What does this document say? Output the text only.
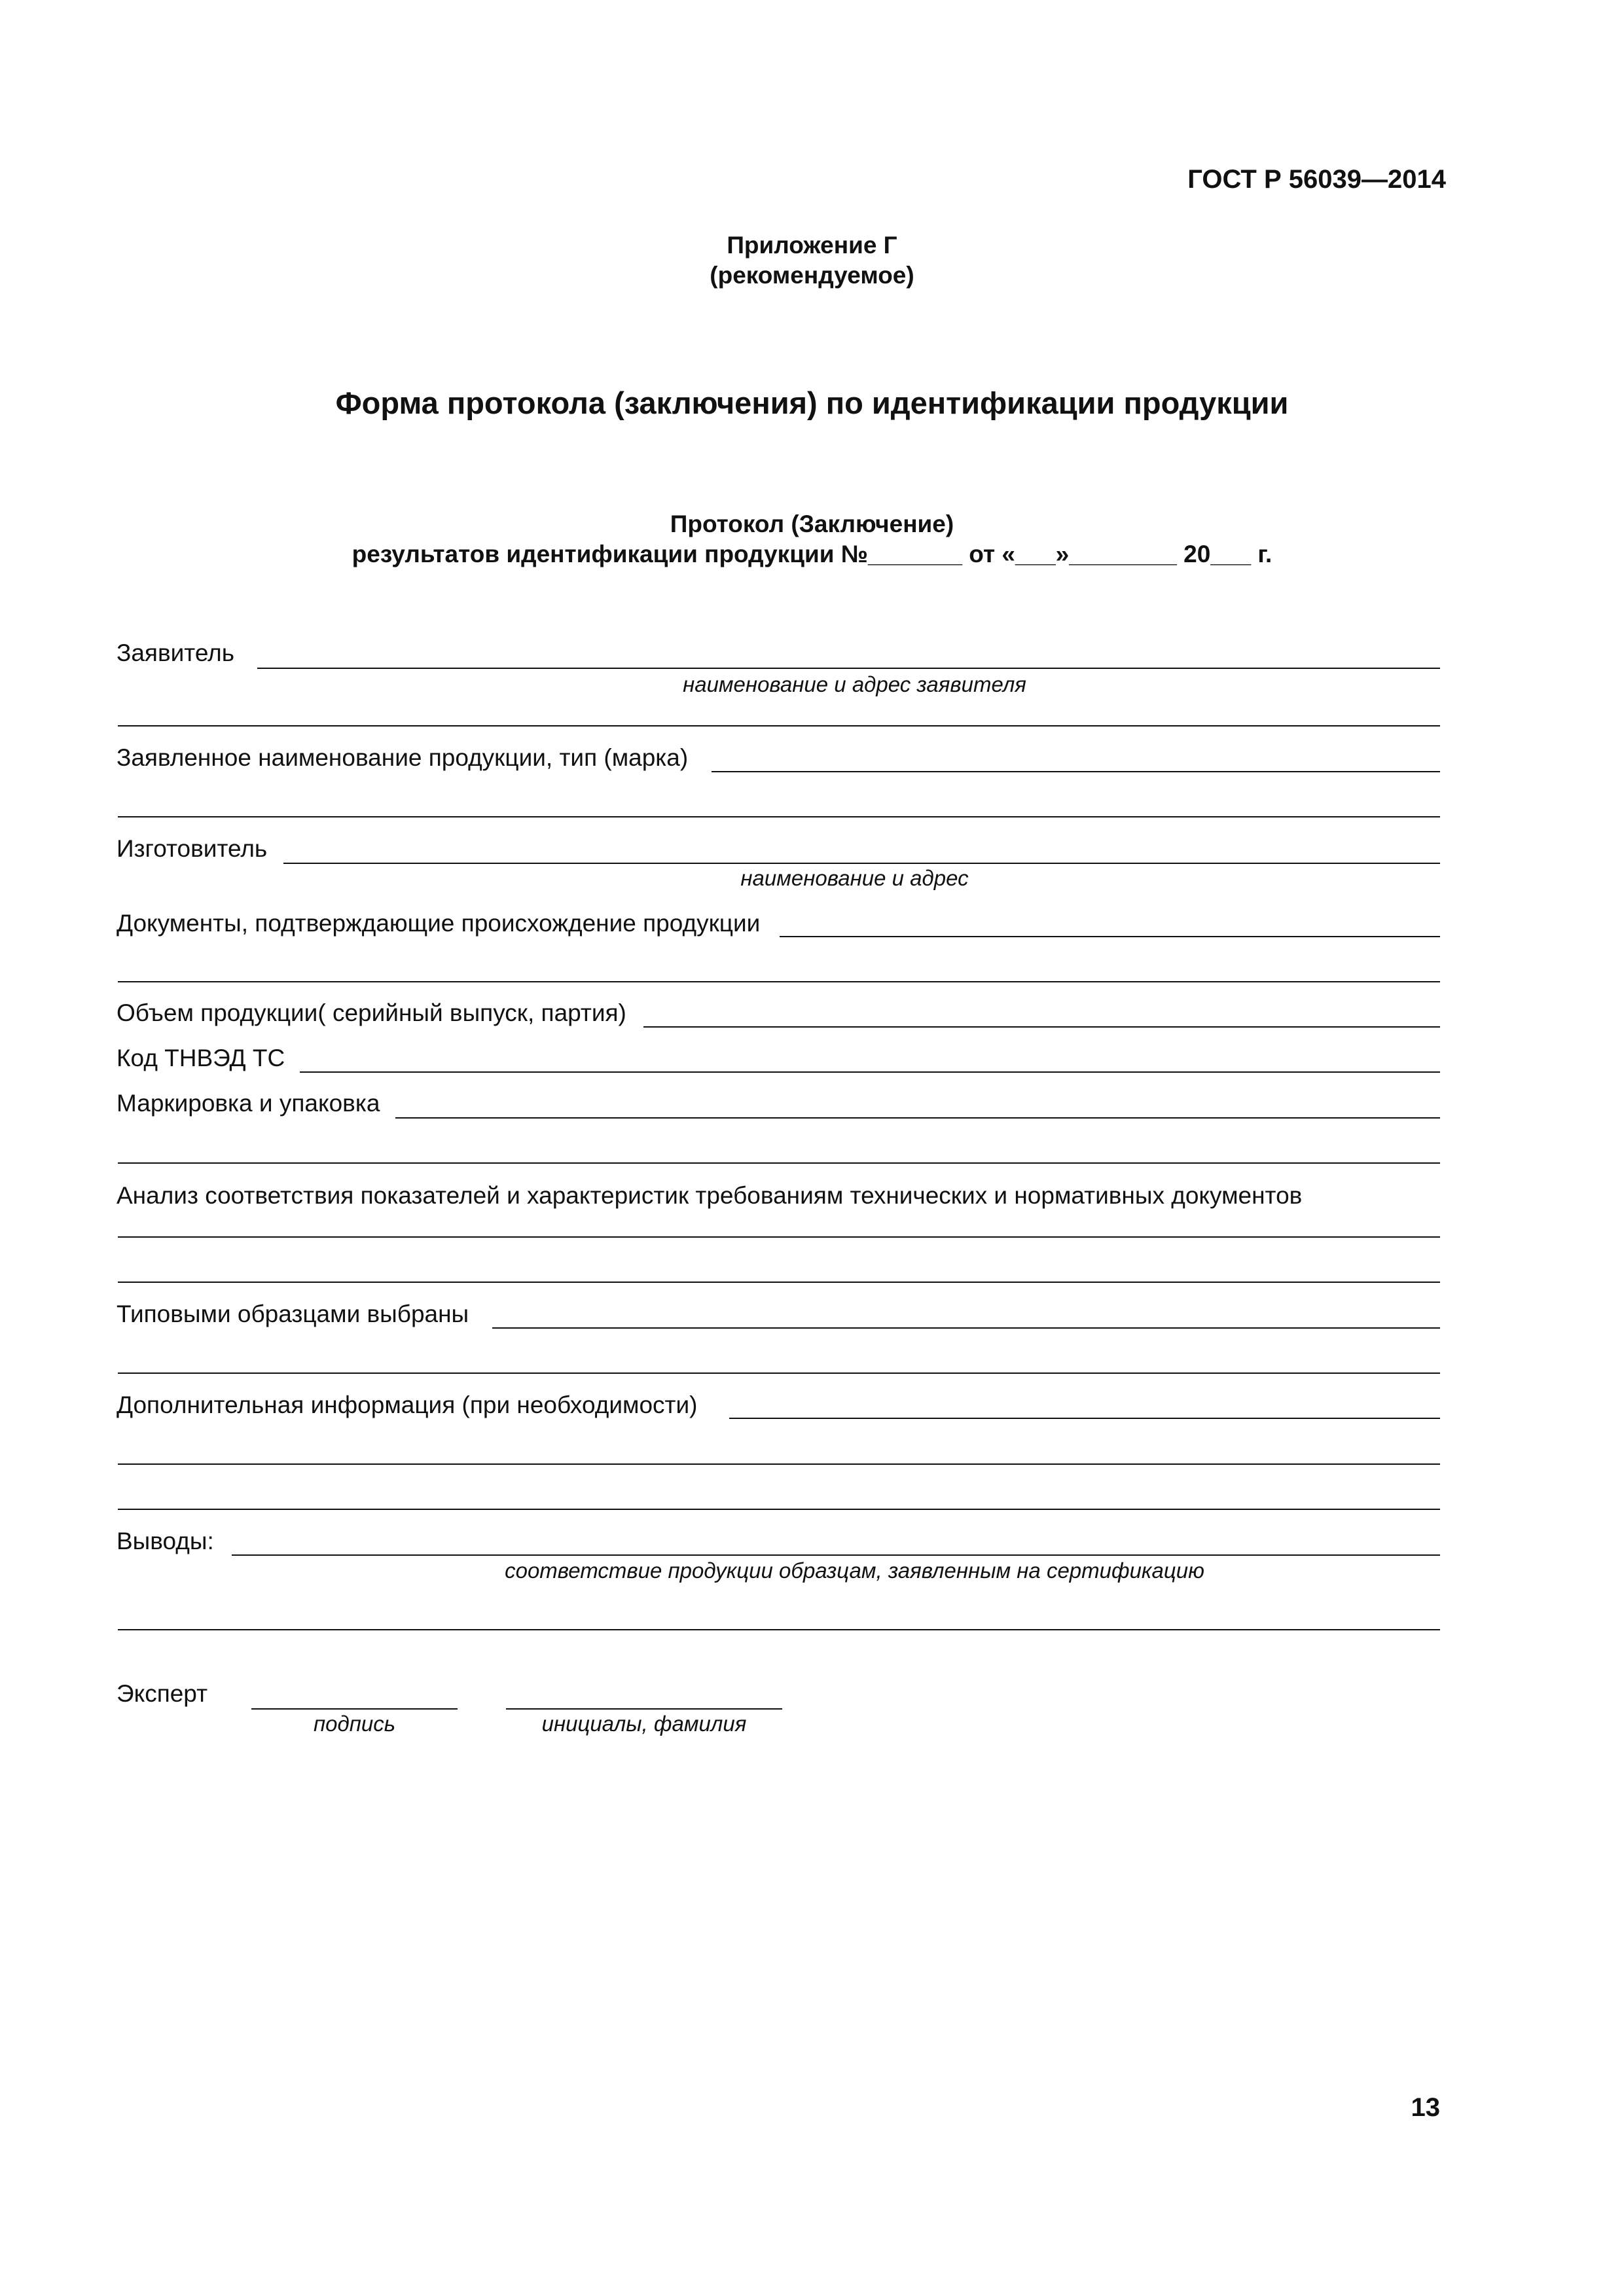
ГОСТ Р 56039—2014
Приложение Г
(рекомендуемое)
Форма протокола (заключения) по идентификации продукции
Протокол (Заключение)
результатов идентификации продукции №_______ от «___»________ 20___ г.
Заявитель
наименование и адрес заявителя
Заявленное наименование продукции, тип (марка)
Изготовитель
наименование и адрес
Документы, подтверждающие происхождение продукции
Объем продукции( серийный выпуск, партия)
Код ТНВЭД ТС
Маркировка и упаковка
Анализ соответствия показателей и характеристик требованиям технических и нормативных документов
Типовыми образцами выбраны
Дополнительная информация (при необходимости)
Выводы:
соответствие продукции образцам, заявленным на сертификацию
Эксперт
подпись	инициалы, фамилия
13
